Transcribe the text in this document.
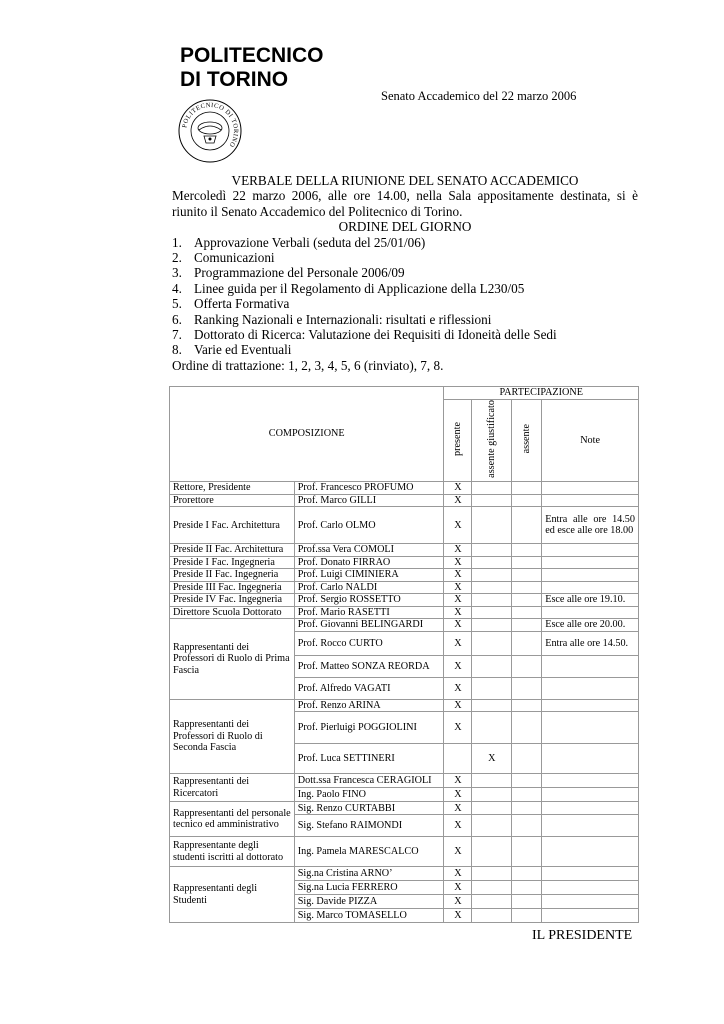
POLITECNICO
DI TORINO
Senato Accademico del 22 marzo 2006
POLITECNICO DI TORINO
VERBALE DELLA RIUNIONE DEL SENATO ACCADEMICO
Mercoledì 22 marzo 2006, alle ore 14.00, nella Sala appositamente destinata, si è riunito il Senato Accademico del Politecnico di Torino.
ORDINE DEL GIORNO
1. Approvazione Verbali (seduta del 25/01/06)
2. Comunicazioni
3. Programmazione del Personale 2006/09
4. Linee guida per il Regolamento di Applicazione della L230/05
5. Offerta Formativa
6. Ranking Nazionali e Internazionali: risultati e riflessioni
7. Dottorato di Ricerca: Valutazione dei Requisiti di Idoneità delle Sedi
8. Varie ed Eventuali
Ordine di trattazione: 1, 2, 3, 4, 5, 6 (rinviato), 7, 8.
COMPOSIZIONE		PARTECIPAZIONE			
		presente	assente giustificato	assente	Note
Rettore, Presidente	Prof. Francesco PROFUMO	X			
Prorettore	Prof. Marco GILLI	X			
Preside I Fac. Architettura	Prof. Carlo OLMO	X			Entra alle ore 14.50 ed esce alle ore 18.00
Preside II Fac. Architettura	Prof.ssa Vera COMOLI	X			
Preside I Fac. Ingegneria	Prof. Donato FIRRAO	X			
Preside II Fac. Ingegneria	Prof. Luigi CIMINIERA	X			
Preside III Fac. Ingegneria	Prof. Carlo NALDI	X			
Preside IV Fac. Ingegneria	Prof. Sergio ROSSETTO	X			Esce alle ore 19.10.
Direttore Scuola Dottorato	Prof. Mario RASETTI	X			
Rappresentanti dei Professori di Ruolo di Prima Fascia	Prof. Giovanni BELINGARDI	X			Esce alle ore 20.00.
	Prof. Rocco CURTO	X			Entra alle ore 14.50.
	Prof. Matteo SONZA REORDA	X			
	Prof. Alfredo VAGATI	X			
Rappresentanti dei Professori di Ruolo di Seconda Fascia	Prof. Renzo ARINA	X			
	Prof. Pierluigi POGGIOLINI	X			
	Prof. Luca SETTINERI		X		
Rappresentanti dei Ricercatori	Dott.ssa Francesca CERAGIOLI	X			
	Ing. Paolo FINO	X			
Rappresentanti del personale tecnico ed amministrativo	Sig. Renzo CURTABBI	X			
	Sig. Stefano RAIMONDI	X			
Rappresentante degli studenti iscritti al dottorato	Ing. Pamela MARESCALCO	X			
Rappresentanti degli Studenti	Sig.na Cristina ARNO’	X			
	Sig.na Lucia FERRERO	X			
	Sig. Davide PIZZA	X			
	Sig. Marco TOMASELLO	X			
IL PRESIDENTE
